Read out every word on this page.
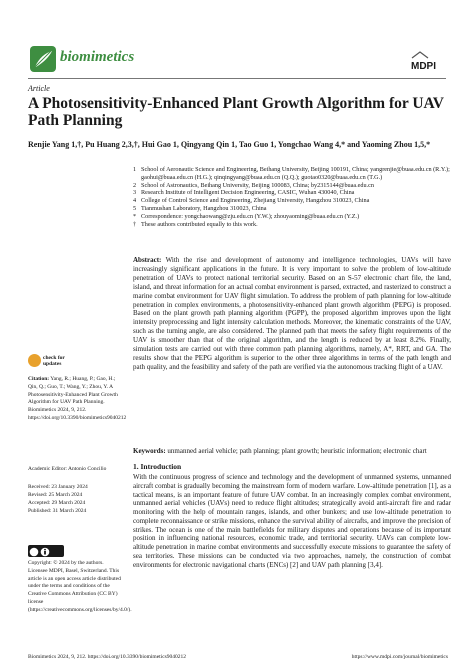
biomimetics
MDPI
Article
A Photosensitivity-Enhanced Plant Growth Algorithm for UAV Path Planning
Renjie Yang 1,†, Pu Huang 2,3,†, Hui Gao 1, Qingyang Qin 1, Tao Guo 1, Yongchao Wang 4,* and Yaoming Zhou 1,5,*
1 School of Aeronautic Science and Engineering, Beihang University, Beijing 100191, China; yangrenjie@buaa.edu.cn (R.Y.); gaohui@buaa.edu.cn (H.G.); qinqingyang@buaa.edu.cn (Q.Q.); guotao0320@buaa.edu.cn (T.G.)
2 School of Astronautics, Beihang University, Beijing 100083, China; by2315144@buaa.edu.cn
3 Research Institute of Intelligent Decision Engineering, CASIC, Wuhan 430040, China
4 College of Control Science and Engineering, Zhejiang University, Hangzhou 310023, China
5 Tianmushan Laboratory, Hangzhou 310023, China
* Correspondence: yongchaowang@zju.edu.cn (Y.W.); zhouyaoming@buaa.edu.cn (Y.Z.)
† These authors contributed equally to this work.
check for updates
Citation: Yang, R.; Huang, P.; Gao, H.; Qin, Q.; Guo, T.; Wang, Y.; Zhou, Y. A Photosensitivity-Enhanced Plant Growth Algorithm for UAV Path Planning. Biomimetics 2024, 9, 212. https://doi.org/10.3390/biomimetics9040212
Academic Editor: Antonio Concilio
Received: 23 January 2024
Revised: 25 March 2024
Accepted: 29 March 2024
Published: 31 March 2024
Copyright: © 2024 by the authors. Licensee MDPI, Basel, Switzerland. This article is an open access article distributed under the terms and conditions of the Creative Commons Attribution (CC BY) license (https://creativecommons.org/licenses/by/4.0/).
Abstract: With the rise and development of autonomy and intelligence technologies, UAVs will have increasingly significant applications in the future. It is very important to solve the problem of low-altitude penetration of UAVs to protect national territorial security. Based on an S-57 electronic chart file, the land, island, and threat information for an actual combat environment is parsed, extracted, and rasterized to construct a marine combat environment for UAV flight simulation. To address the problem of path planning for low-altitude penetration in complex environments, a photosensitivity-enhanced plant growth algorithm (PEPG) is proposed. Based on the plant growth path planning algorithm (PGPP), the proposed algorithm improves upon the light intensity preprocessing and light intensity calculation methods. Moreover, the kinematic constraints of the UAV, such as the turning angle, are also considered. The planned path that meets the safety flight requirements of the UAV is smoother than that of the original algorithm, and the length is reduced by at least 8.2%. Finally, simulation tests are carried out with three common path planning algorithms, namely, A*, RRT, and GA. The results show that the PEPG algorithm is superior to the other three algorithms in terms of the path length and path quality, and the feasibility and safety of the path are verified via the autonomous tracking flight of a UAV.
Keywords: unmanned aerial vehicle; path planning; plant growth; heuristic information; electronic chart
1. Introduction
With the continuous progress of science and technology and the development of unmanned systems, unmanned aircraft combat is gradually becoming the mainstream form of modern warfare. Low-altitude penetration [1], as a tactical means, is an important feature of future UAV combat. In an increasingly complex combat environment, unmanned aerial vehicles (UAVs) need to reduce flight altitudes; strategically avoid anti-aircraft fire and radar monitoring with the help of mountain ranges, islands, and other bunkers; and use low-altitude penetration to complete reconnaissance or strike missions, enhance the survival ability of aircrafts, and improve the precision of strikes. The ocean is one of the main battlefields for military disputes and operations because of its important position in influencing national resources, economic trade, and territorial security. UAVs can complete low-altitude penetration in marine combat environments and successfully execute missions to guarantee the safety of sea territories. These missions can be conducted via two approaches, namely, the construction of combat environments for electronic navigational charts (ENCs) [2] and UAV path planning [3,4].
Biomimetics 2024, 9, 212. https://doi.org/10.3390/biomimetics9040212	https://www.mdpi.com/journal/biomimetics
